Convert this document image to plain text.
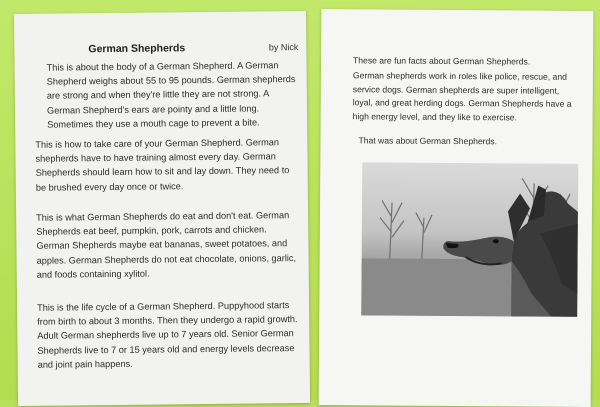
German Shepherds	by Nick

This is about the body of a German Shepherd. A German Shepherd weighs about 55 to 95 pounds. German shepherds are strong and when they're little they are not strong. A German Shepherd's ears are pointy and a little long. Sometimes they use a mouth cage to prevent a bite.

This is how to take care of your German Shepherd. German shepherds have to have training almost every day. German Shepherds should learn how to sit and lay down. They need to be brushed every day once or twice.

This is what German Shepherds do eat and don't eat. German Shepherds eat beef, pumpkin, pork, carrots and chicken. German Shepherds maybe eat bananas, sweet potatoes, and apples. German Shepherds do not eat chocolate, onions, garlic, and foods containing xylitol.

This is the life cycle of a German Shepherd. Puppyhood starts from birth to about 3 months. Then they undergo a rapid growth. Adult German shepherds live up to 7 years old. Senior German Shepherds live to 7 or 15 years old and energy levels decrease and joint pain happens.

These are fun facts about German Shepherds.

German shepherds work in roles like police, rescue, and service dogs. German shepherds are super intelligent, loyal, and great herding dogs. German Shepherds have a high energy level, and they like to exercise.

That was about German Shepherds.
